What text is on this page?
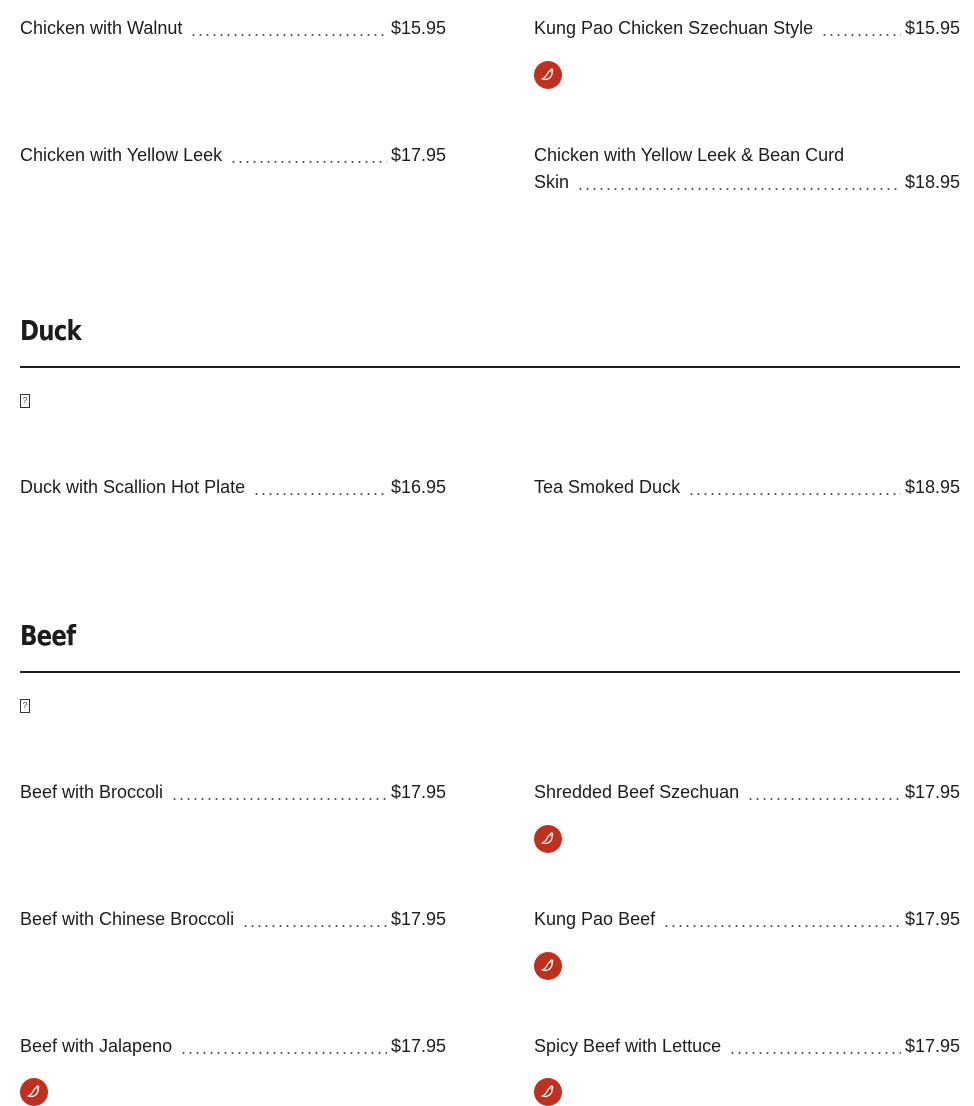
Chicken with Walnut	$15.95	Kung Pao Chicken Szechuan Style	$15.95
Chicken with Yellow Leek	$17.95	Chicken with Yellow Leek & Bean Curd
Skin	$18.95
Duck
?
Duck with Scallion Hot Plate	$16.95	Tea Smoked Duck	$18.95
Beef
?
Beef with Broccoli	$17.95	Shredded Beef Szechuan	$17.95
Beef with Chinese Broccoli	$17.95	Kung Pao Beef	$17.95
Beef with Jalapeno	$17.95	Spicy Beef with Lettuce	$17.95
